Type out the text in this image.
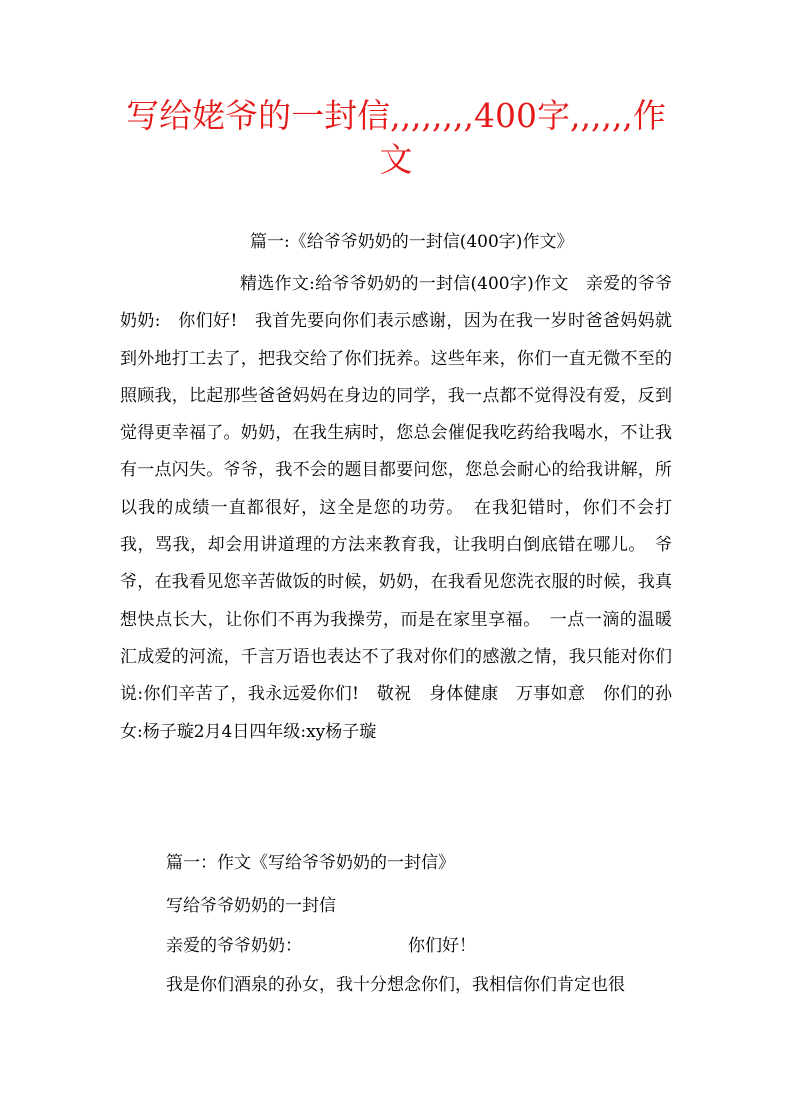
写给姥爷的一封信,,,,,,,,400字,,,,,,作文
篇一:《给爷爷奶奶的一封信(400字)作文》
精选作文:给爷爷奶奶的一封信(400字)作文　亲爱的爷爷奶奶:　你们好!　我首先要向你们表示感谢，因为在我一岁时爸爸妈妈就到外地打工去了，把我交给了你们抚养。这些年来，你们一直无微不至的照顾我，比起那些爸爸妈妈在身边的同学，我一点都不觉得没有爱，反到觉得更幸福了。奶奶，在我生病时，您总会催促我吃药给我喝水，不让我有一点闪失。爷爷，我不会的题目都要问您，您总会耐心的给我讲解，所以我的成绩一直都很好，这全是您的功劳。　在我犯错时，你们不会打我，骂我，却会用讲道理的方法来教育我，让我明白倒底错在哪儿。　爷爷，在我看见您辛苦做饭的时候，奶奶，在我看见您洗衣服的时候，我真想快点长大，让你们不再为我操劳，而是在家里享福。　一点一滴的温暖汇成爱的河流，千言万语也表达不了我对你们的感激之情，我只能对你们说:你们辛苦了，我永远爱你们!　敬祝　身体健康　万事如意　你们的孙女:杨子璇2月4日四年级:xy杨子璇
篇一：作文《写给爷爷奶奶的一封信》
写给爷爷奶奶的一封信
亲爱的爷爷奶奶：	你们好！
我是你们酒泉的孙女，我十分想念你们，我相信你们肯定也很
